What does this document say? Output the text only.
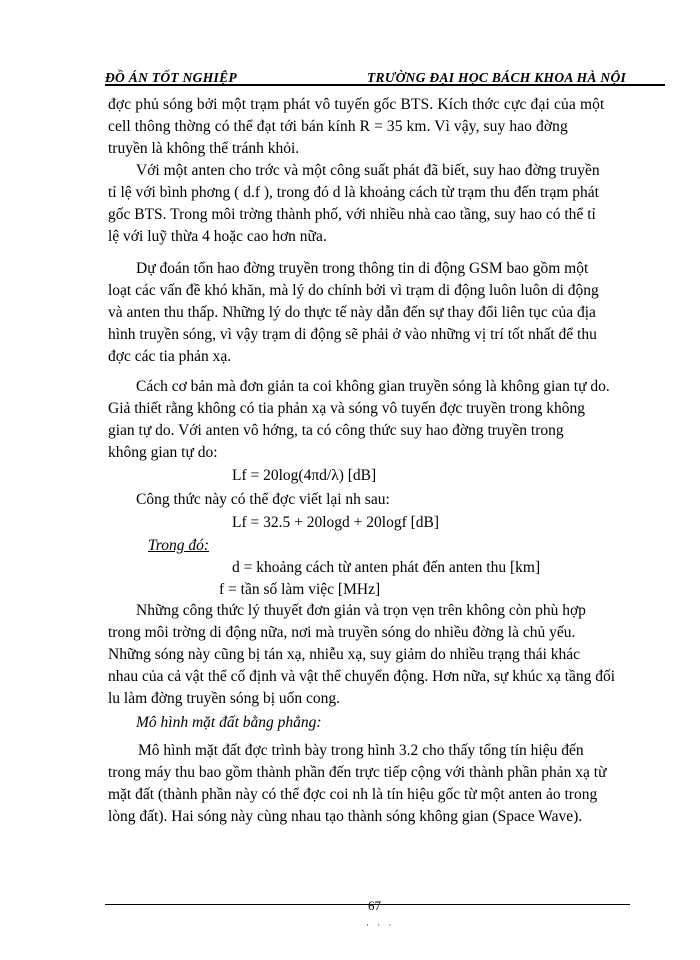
ĐỒ ÁN TỐT NGHIỆP	TRƯỜNG ĐẠI HỌC BÁCH KHOA HÀ NỘI

đợc phủ sóng bởi một trạm phát vô tuyến gốc BTS. Kích thớc cực đại của một
cell thông thờng có thể đạt tới bán kính R = 35 km. Vì vậy, suy hao đờng
truyền là không thể tránh khỏi.

Với một anten cho trớc và một công suất phát đã biết, suy hao đờng truyền
tỉ lệ với bình phơng ( d.f ), trong đó d là khoảng cách từ trạm thu đến trạm phát
gốc BTS. Trong môi trờng thành phố, với nhiều nhà cao tầng, suy hao có thể tỉ
lệ với luỹ thừa 4 hoặc cao hơn nữa.

Dự đoán tổn hao đờng truyền trong thông tin di động GSM bao gồm một
loạt các vấn đề khó khăn, mà lý do chính bởi vì trạm di động luôn luôn di động
và anten thu thấp. Những lý do thực tế này dẫn đến sự thay đổi liên tục của địa
hình truyền sóng, vì vậy trạm di động sẽ phải ở vào những vị trí tốt nhất để thu
đợc các tia phản xạ.

Cách cơ bản mà đơn giản ta coi không gian truyền sóng là không gian tự do.
Giả thiết rằng không có tia phản xạ và sóng vô tuyến đợc truyền trong không
gian tự do. Với anten vô hớng, ta có công thức suy hao đờng truyền trong
không gian tự do:

Lf = 20log(4πd/λ) [dB]
Công thức này có thể đợc viết lại nh sau:
Lf = 32.5 + 20logd + 20logf [dB]
Trong đó:
d = khoảng cách từ anten phát đến anten thu [km]
f = tần số làm việc [MHz]

Những công thức lý thuyết đơn giản và trọn vẹn trên không còn phù hợp
trong môi trờng di động nữa, nơi mà truyền sóng do nhiều đờng là chủ yếu.
Những sóng này cũng bị tán xạ, nhiễu xạ, suy giảm do nhiều trạng thái khác
nhau của cả vật thể cố định và vật thể chuyển động. Hơn nữa, sự khúc xạ tầng đối
lu làm đờng truyền sóng bị uốn cong.

Mô hình mặt đất bằng phẳng:

Mô hình mặt đất đợc trình bày trong hình 3.2 cho thấy tổng tín hiệu đến
trong máy thu bao gồm thành phần đến trực tiếp cộng với thành phần phản xạ từ
mặt đất (thành phần này có thể đợc coi nh là tín hiệu gốc từ một anten ảo trong
lòng đất). Hai sóng này cùng nhau tạo thành sóng không gian (Space Wave).

67
· · ·
